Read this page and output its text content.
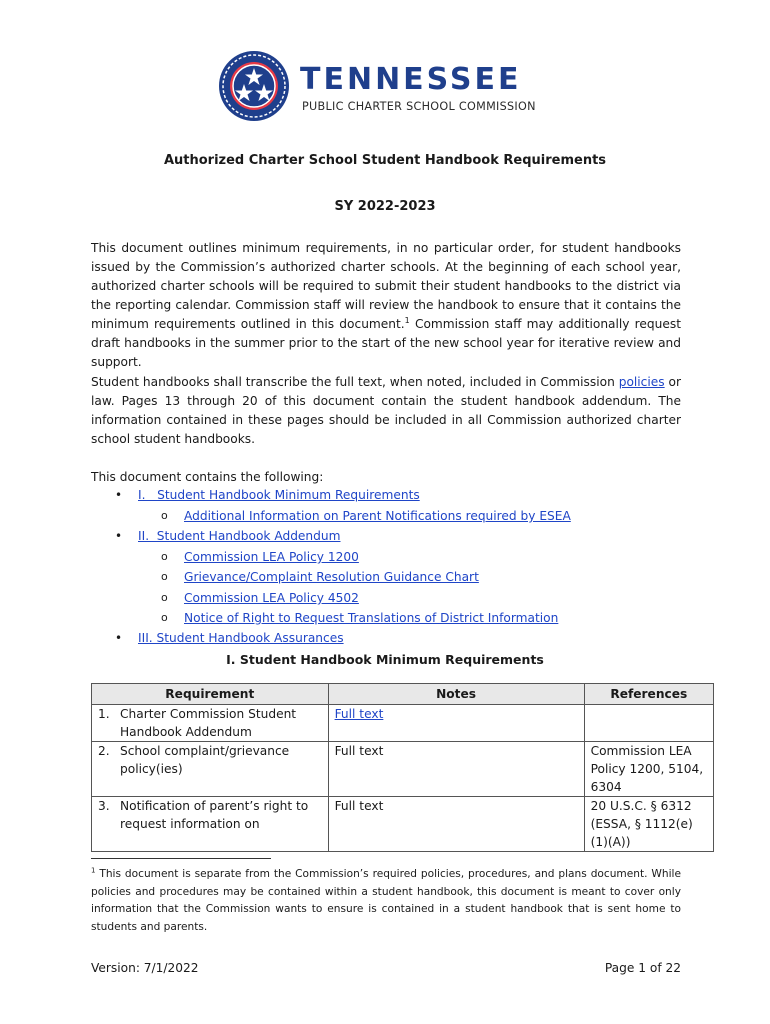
TENNESSEE
PUBLIC CHARTER SCHOOL COMMISSION
Authorized Charter School Student Handbook Requirements
SY 2022-2023
This document outlines minimum requirements, in no particular order, for student handbooks issued by the Commission’s authorized charter schools. At the beginning of each school year, authorized charter schools will be required to submit their student handbooks to the district via the reporting calendar. Commission staff will review the handbook to ensure that it contains the minimum requirements outlined in this document.$^1$ Commission staff may additionally request draft handbooks in the summer prior to the start of the new school year for iterative review and support.
Student handbooks shall transcribe the full text, when noted, included in Commission policies or law. Pages 13 through 20 of this document contain the student handbook addendum. The information contained in these pages should be included in all Commission authorized charter school student handbooks.
This document contains the following:
• I.   Student Handbook Minimum Requirements
o Additional Information on Parent Notifications required by ESEA
• II.  Student Handbook Addendum
o Commission LEA Policy 1200
o Grievance/Complaint Resolution Guidance Chart
o Commission LEA Policy 4502
o Notice of Right to Request Translations of District Information
• III. Student Handbook Assurances
I. Student Handbook Minimum Requirements
Requirement	Notes	References
1. Charter Commission Student Handbook Addendum	Full text	
2. School complaint/grievance policy(ies)	Full text	Commission LEA Policy 1200, 5104, 6304
3. Notification of parent’s right to request information on	Full text	20 U.S.C. § 6312 (ESSA, § 1112(e)(1)(A))
$^1$ This document is separate from the Commission’s required policies, procedures, and plans document. While policies and procedures may be contained within a student handbook, this document is meant to cover only information that the Commission wants to ensure is contained in a student handbook that is sent home to students and parents.
Version: 7/1/2022	Page 1 of 22
